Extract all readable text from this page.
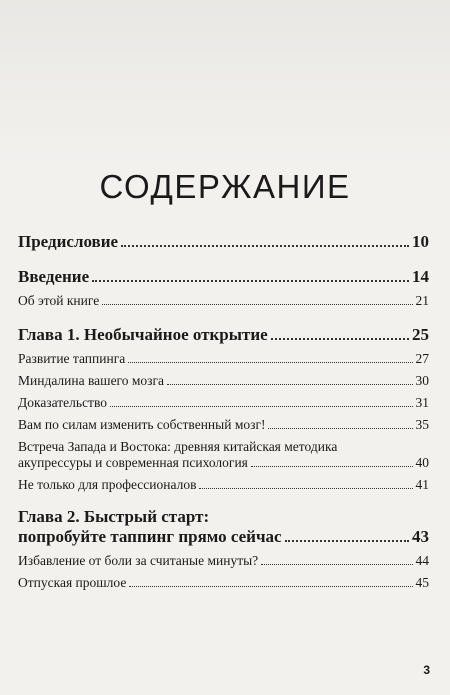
СОДЕРЖАНИЕ
Предисловие	10
Введение	14
Об этой книге	21
Глава 1. Необычайное открытие	25
Развитие таппинга	27
Миндалина вашего мозга	30
Доказательство	31
Вам по силам изменить собственный мозг!	35
Встреча Запада и Востока: древняя китайская методика
акупрессуры и современная психология	40
Не только для профессионалов	41
Глава 2. Быстрый старт:
попробуйте таппинг прямо сейчас	43
Избавление от боли за считаные минуты?	44
Отпуская прошлое	45
3
